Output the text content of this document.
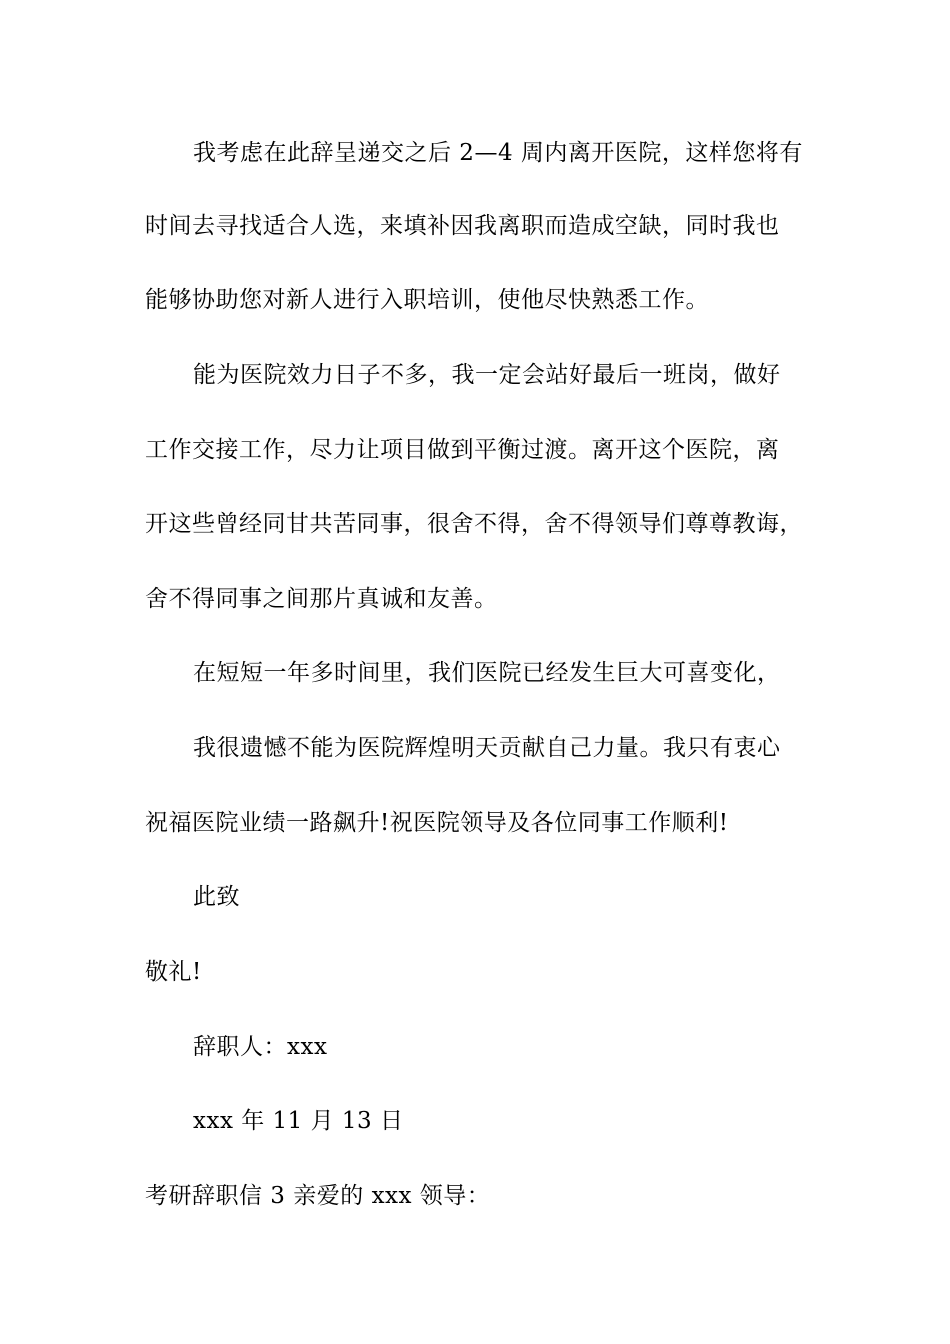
我考虑在此辞呈递交之后 2—4 周内离开医院，这样您将有
时间去寻找适合人选，来填补因我离职而造成空缺，同时我也
能够协助您对新人进行入职培训，使他尽快熟悉工作。
能为医院效力日子不多，我一定会站好最后一班岗，做好
工作交接工作，尽力让项目做到平衡过渡。离开这个医院，离
开这些曾经同甘共苦同事，很舍不得，舍不得领导们尊尊教诲，
舍不得同事之间那片真诚和友善。
在短短一年多时间里，我们医院已经发生巨大可喜变化，
我很遗憾不能为医院辉煌明天贡献自己力量。我只有衷心
祝福医院业绩一路飙升!祝医院领导及各位同事工作顺利!
此致
敬礼!
辞职人：xxx
xxx 年 11 月 13 日
考研辞职信 3 亲爱的 xxx 领导：
